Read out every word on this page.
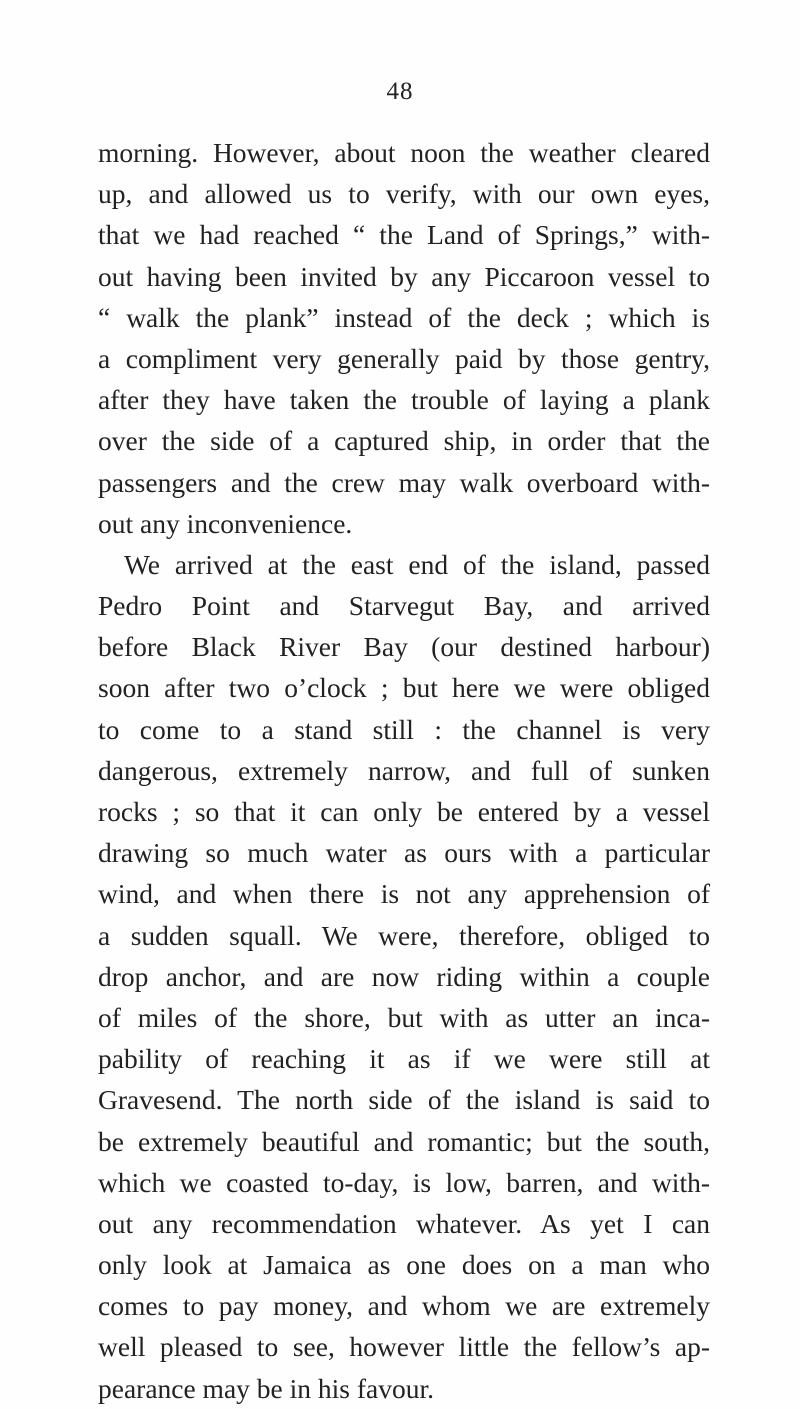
48
morning. However, about noon the weather cleared
up, and allowed us to verify, with our own eyes,
that we had reached “ the Land of Springs,” with-
out having been invited by any Piccaroon vessel to
“ walk the plank” instead of the deck ; which is
a compliment very generally paid by those gentry,
after they have taken the trouble of laying a plank
over the side of a captured ship, in order that the
passengers and the crew may walk overboard with-
out any inconvenience.
We arrived at the east end of the island, passed
Pedro Point and Starvegut Bay, and arrived
before Black River Bay (our destined harbour)
soon after two o’clock ; but here we were obliged
to come to a stand still : the channel is very
dangerous, extremely narrow, and full of sunken
rocks ; so that it can only be entered by a vessel
drawing so much water as ours with a particular
wind, and when there is not any apprehension of
a sudden squall. We were, therefore, obliged to
drop anchor, and are now riding within a couple
of miles of the shore, but with as utter an inca-
pability of reaching it as if we were still at
Gravesend. The north side of the island is said to
be extremely beautiful and romantic; but the south,
which we coasted to-day, is low, barren, and with-
out any recommendation whatever. As yet I can
only look at Jamaica as one does on a man who
comes to pay money, and whom we are extremely
well pleased to see, however little the fellow’s ap-
pearance may be in his favour.
